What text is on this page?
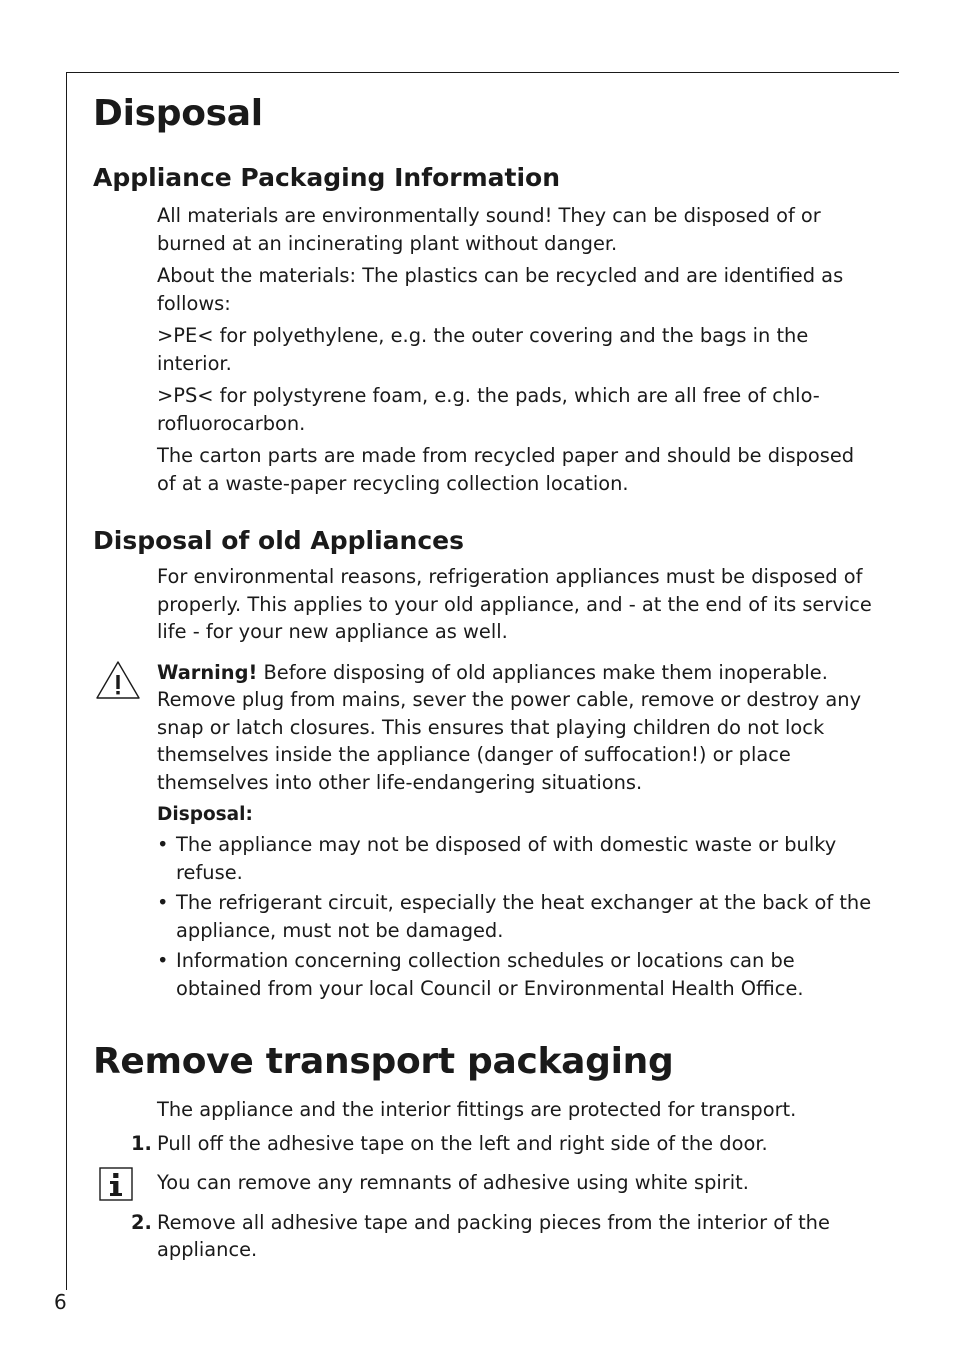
Disposal
Appliance Packaging Information

All materials are environmentally sound! They can be disposed of or burned at an incinerating plant without danger.

About the materials: The plastics can be recycled and are identified as follows:

>PE< for polyethylene, e.g. the outer covering and the bags in the interior.

>PS< for polystyrene foam, e.g. the pads, which are all free of chlo-rofluorocarbon.

The carton parts are made from recycled paper and should be disposed of at a waste-paper recycling collection location.

Disposal of old Appliances

For environmental reasons, refrigeration appliances must be disposed of properly. This applies to your old appliance, and - at the end of its service life - for your new appliance as well.

Warning! Before disposing of old appliances make them inoperable. Remove plug from mains, sever the power cable, remove or destroy any snap or latch closures. This ensures that playing children do not lock themselves inside the appliance (danger of suffocation!) or place themselves into other life-endangering situations.

Disposal:
• The appliance may not be disposed of with domestic waste or bulky refuse.
• The refrigerant circuit, especially the heat exchanger at the back of the appliance, must not be damaged.
• Information concerning collection schedules or locations can be obtained from your local Council or Environmental Health Office.
Remove transport packaging

The appliance and the interior fittings are protected for transport.

1. Pull off the adhesive tape on the left and right side of the door.
You can remove any remnants of adhesive using white spirit.
2. Remove all adhesive tape and packing pieces from the interior of the appliance.
6
